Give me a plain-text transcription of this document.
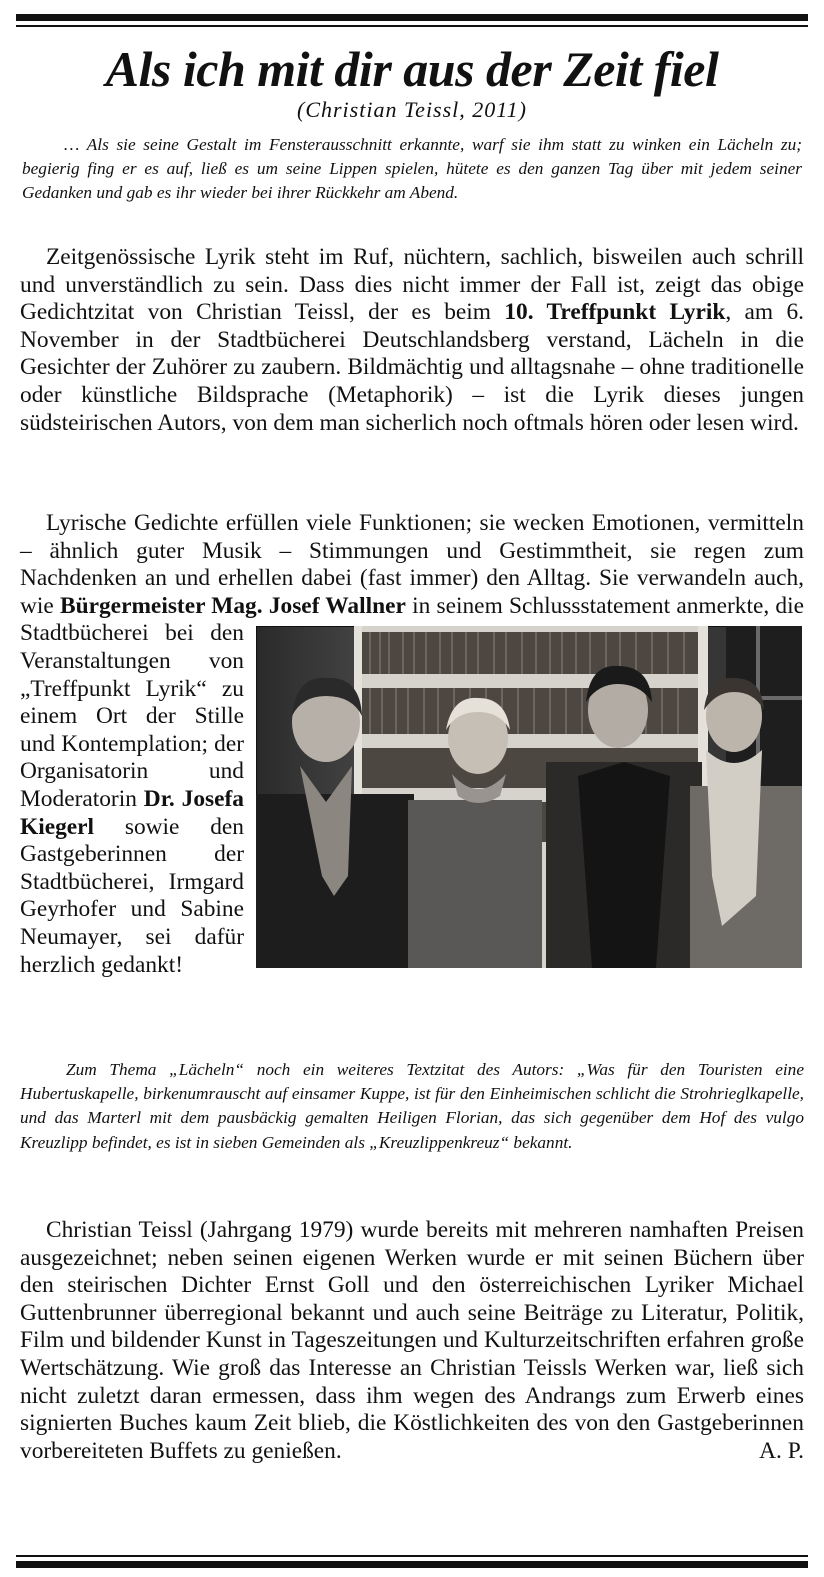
Als ich mit dir aus der Zeit fiel
(Christian Teissl, 2011)

… Als sie seine Gestalt im Fensterausschnitt erkannte, warf sie ihm statt zu winken ein Lächeln zu; begierig fing er es auf, ließ es um seine Lippen spielen, hütete es den ganzen Tag über mit jedem seiner Gedanken und gab es ihr wieder bei ihrer Rückkehr am Abend.

Zeitgenössische Lyrik steht im Ruf, nüchtern, sachlich, bisweilen auch schrill und unverständlich zu sein. Dass dies nicht immer der Fall ist, zeigt das obige Gedichtzitat von Christian Teissl, der es beim 10. Treffpunkt Lyrik, am 6. November in der Stadtbücherei Deutschlandsberg verstand, Lächeln in die Gesichter der Zuhörer zu zaubern. Bildmächtig und alltagsnahe – ohne traditionelle oder künstliche Bildsprache (Metaphorik) – ist die Lyrik dieses jungen südsteirischen Autors, von dem man sicherlich noch oftmals hören oder lesen wird.

Lyrische Gedichte erfüllen viele Funktionen; sie wecken Emotionen, vermitteln – ähnlich guter Musik – Stimmungen und Gestimmtheit, sie regen zum Nachdenken an und erhellen dabei (fast immer) den Alltag. Sie verwandeln auch, wie Bürgermeister Mag. Josef Wallner
in seinem Schlussstatement anmerkte, die Stadtbücherei bei den Veranstaltungen von „Treffpunkt Lyrik“ zu einem Ort der Stille und Kontemplation; der Organisatorin und Moderatorin Dr. Josefa Kiegerl sowie den Gastgeberinnen der Stadtbücherei, Irmgard Geyrhofer und Sabine Neumayer, sei dafür herzlich gedankt!

Zum Thema „Lächeln“ noch ein weiteres Textzitat des Autors: „Was für den Touristen eine Hubertuskapelle, birkenumrauscht auf einsamer Kuppe, ist für den Einheimischen schlicht die Strohrieglkapelle, und das Marterl mit dem pausbäckig gemalten Heiligen Florian, das sich gegenüber dem Hof des vulgo Kreuzlipp befindet, es ist in sieben Gemeinden als „Kreuzlippenkreuz“ bekannt.

Christian Teissl (Jahrgang 1979) wurde bereits mit mehreren namhaften Preisen ausgezeichnet; neben seinen eigenen Werken wurde er mit seinen Büchern über den steirischen Dichter Ernst Goll und den österreichischen Lyriker Michael Guttenbrunner überregional bekannt und auch seine Beiträge zu Literatur, Politik, Film und bildender Kunst in Tageszeitungen und Kulturzeitschriften erfahren große Wertschätzung. Wie groß das Interesse an Christian Teissls Werken war, ließ sich nicht zuletzt daran ermessen, dass ihm wegen des Andrangs zum Erwerb eines signierten Buches kaum Zeit blieb, die Köstlichkeiten des von den Gastgeberinnen vorbereiteten Buffets zu genießen.	A. P.
